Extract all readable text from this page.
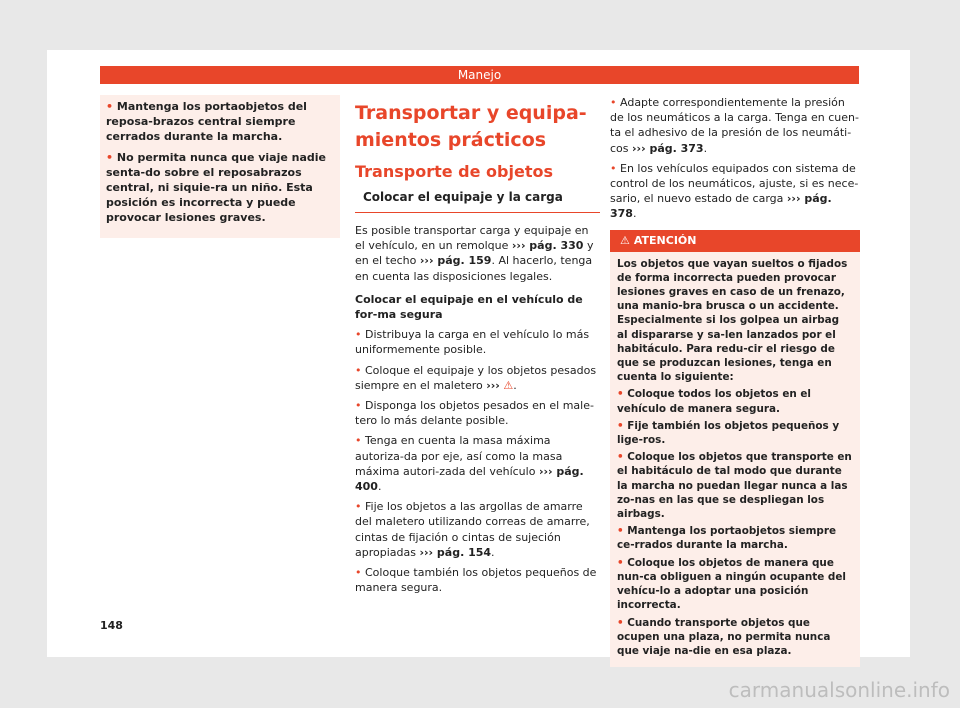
Manejo

• Mantenga los portaobjetos del reposa-brazos central siempre cerrados durante la marcha.

• No permita nunca que viaje nadie senta-do sobre el reposabrazos central, ni siquie-ra un niño. Esta posición es incorrecta y puede provocar lesiones graves.

Transportar y equipa-mientos prácticos
Transporte de objetos
Colocar el equipaje y la carga

Es posible transportar carga y equipaje en el vehículo, en un remolque ››› pág. 330 y en el techo ››› pág. 159. Al hacerlo, tenga en cuenta las disposiciones legales.

Colocar el equipaje en el vehículo de for-ma segura

• Distribuya la carga en el vehículo lo más uniformemente posible.

• Coloque el equipaje y los objetos pesados siempre en el maletero ››› ⚠.

• Disponga los objetos pesados en el male-tero lo más delante posible.

• Tenga en cuenta la masa máxima autoriza-da por eje, así como la masa máxima autori-zada del vehículo ››› pág. 400.

• Fije los objetos a las argollas de amarre del maletero utilizando correas de amarre, cintas de fijación o cintas de sujeción apropiadas ››› pág. 154.

• Coloque también los objetos pequeños de manera segura.

• Adapte correspondientemente la presión de los neumáticos a la carga. Tenga en cuen-ta el adhesivo de la presión de los neumáti-cos ››› pág. 373.

• En los vehículos equipados con sistema de control de los neumáticos, ajuste, si es nece-sario, el nuevo estado de carga ››› pág. 378.

⚠ ATENCIÓN

Los objetos que vayan sueltos o fijados de forma incorrecta pueden provocar lesiones graves en caso de un frenazo, una manio-bra brusca o un accidente. Especialmente si los golpea un airbag al dispararse y sa-len lanzados por el habitáculo. Para redu-cir el riesgo de que se produzcan lesiones, tenga en cuenta lo siguiente:

• Coloque todos los objetos en el vehículo de manera segura.

• Fije también los objetos pequeños y lige-ros.

• Coloque los objetos que transporte en el habitáculo de tal modo que durante la marcha no puedan llegar nunca a las zo-nas en las que se despliegan los airbags.

• Mantenga los portaobjetos siempre ce-rrados durante la marcha.

• Coloque los objetos de manera que nun-ca obliguen a ningún ocupante del vehícu-lo a adoptar una posición incorrecta.

• Cuando transporte objetos que ocupen una plaza, no permita nunca que viaje na-die en esa plaza.

148
carmanualsonline.info
